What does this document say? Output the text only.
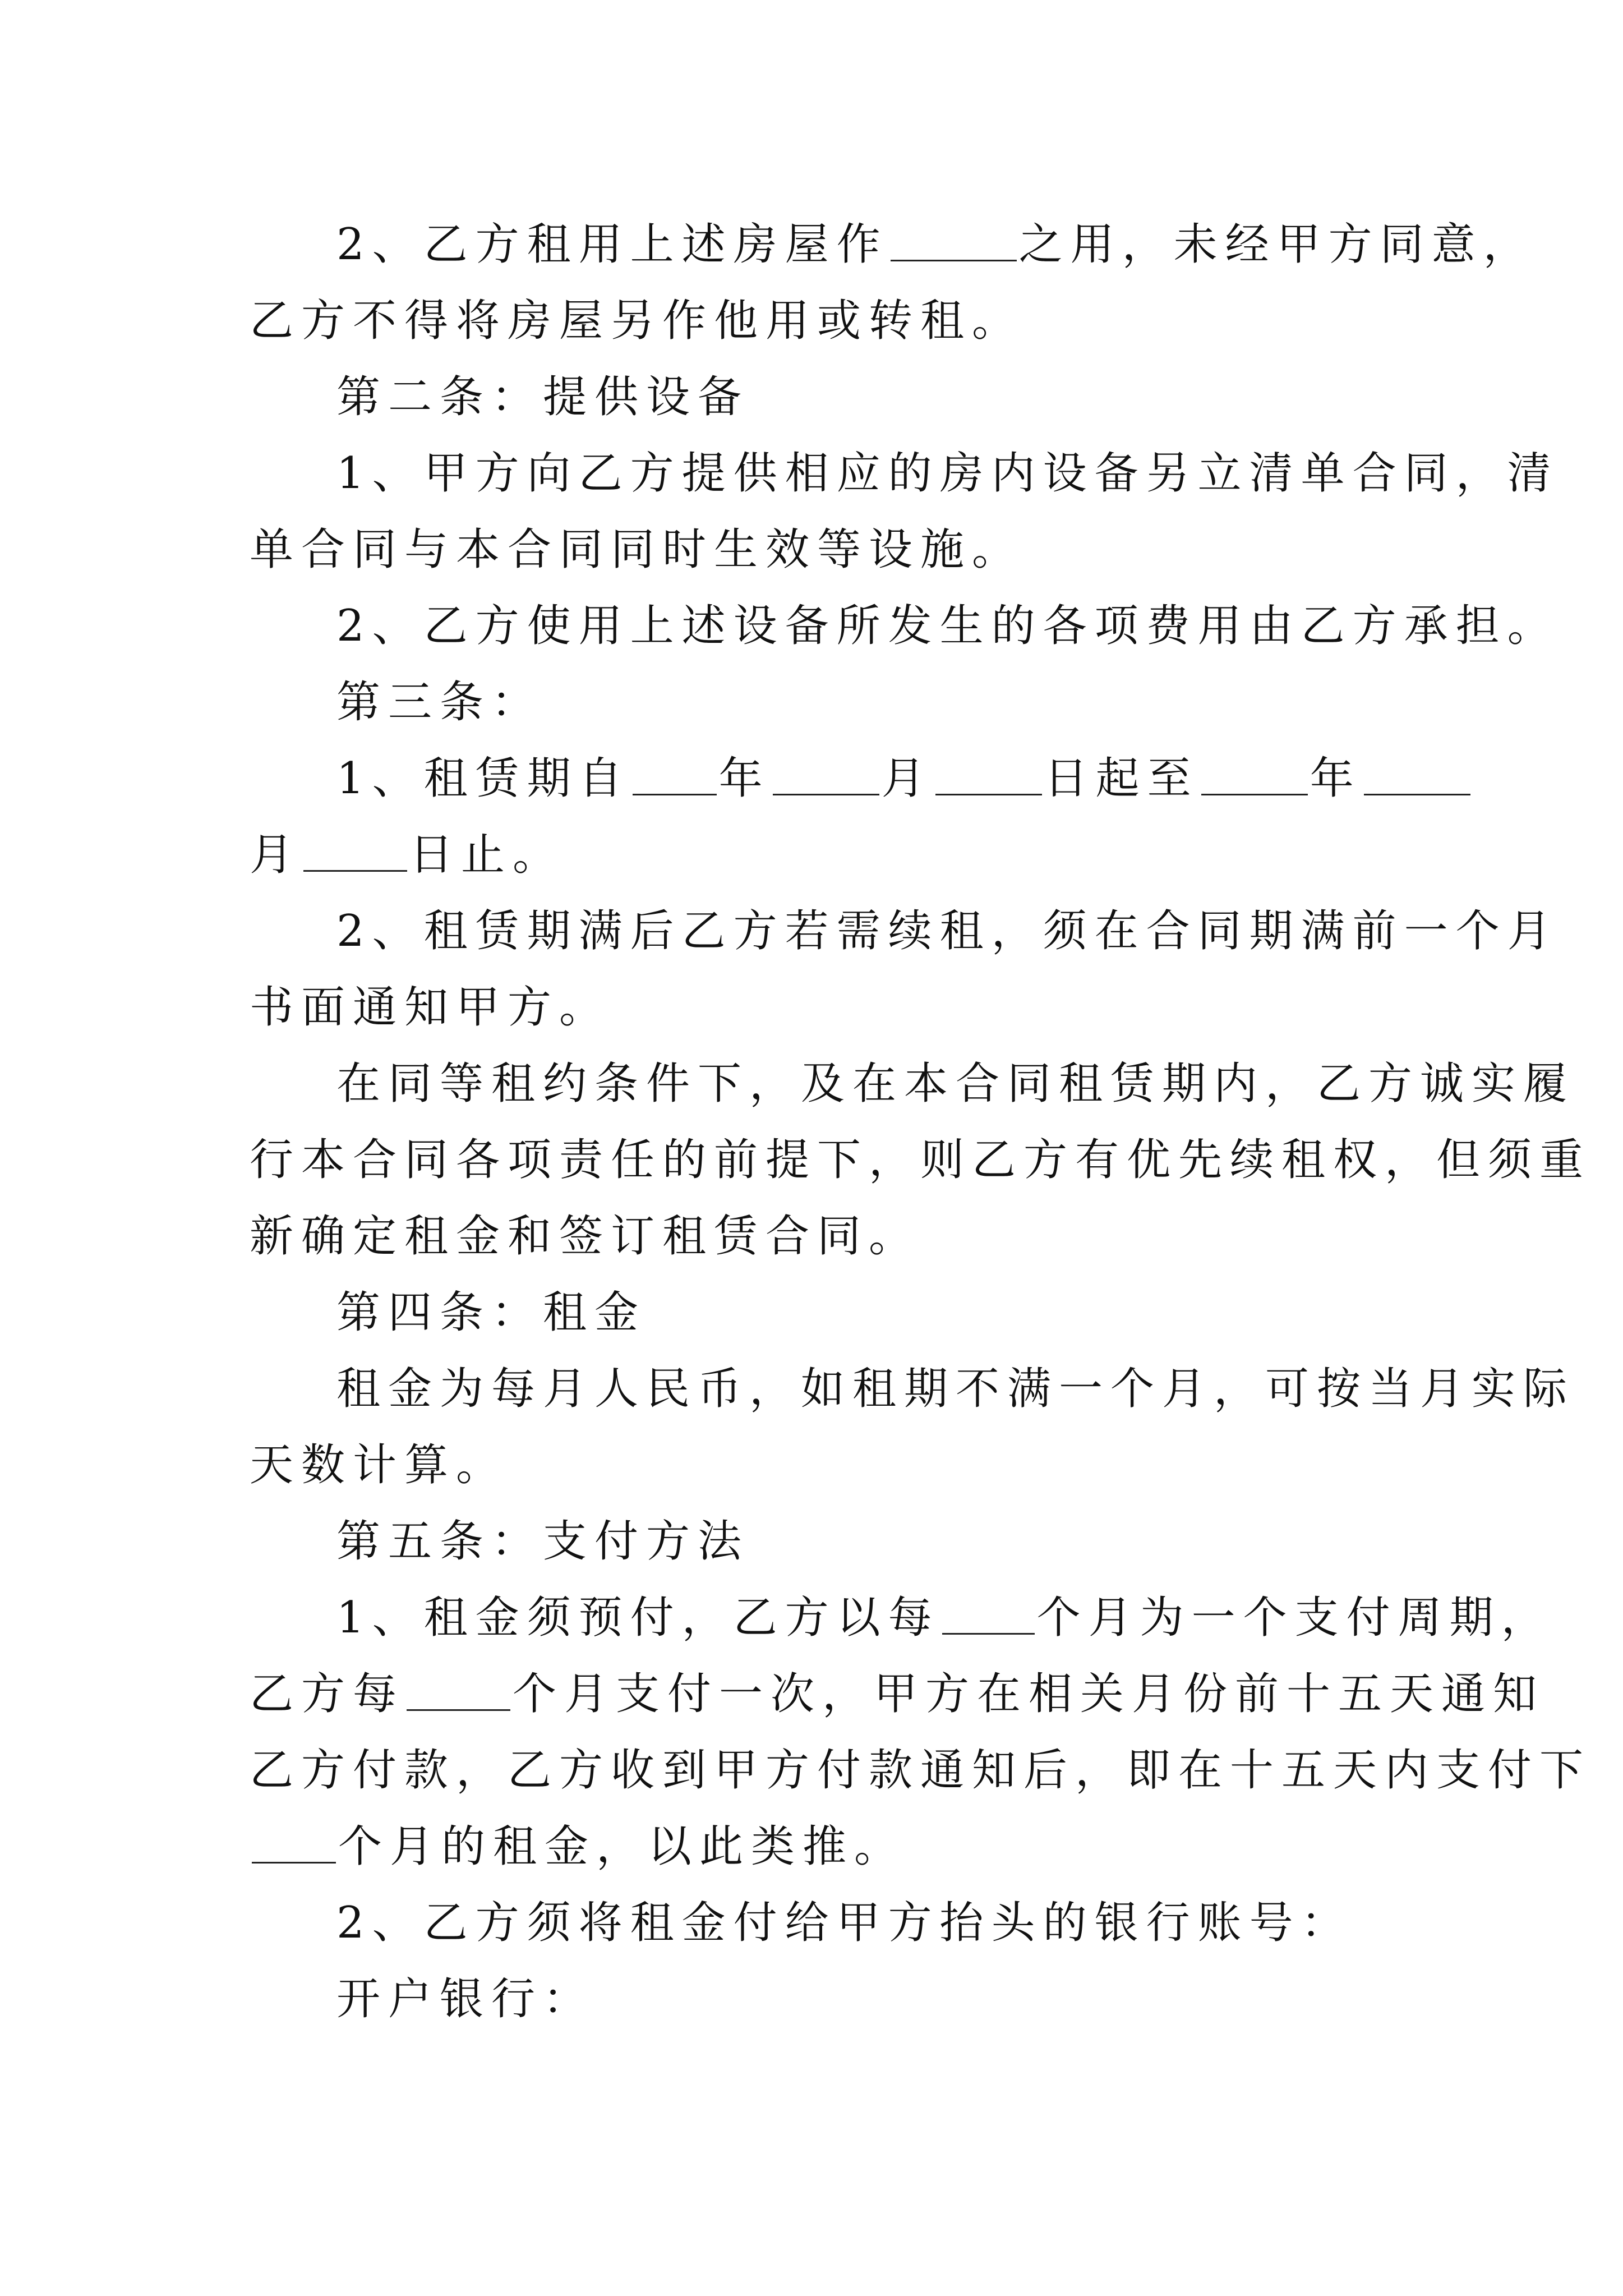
2、乙方租用上述房屋作	之用，未经甲方同意，
乙方不得将房屋另作他用或转租。
第二条：提供设备
1、甲方向乙方提供相应的房内设备另立清单合同，清
单合同与本合同同时生效等设施。
2、乙方使用上述设备所发生的各项费用由乙方承担。
第三条：
1、租赁期自 年	月	日起至	年
月 日止。
2、租赁期满后乙方若需续租，须在合同期满前一个月
书面通知甲方。
在同等租约条件下，及在本合同租赁期内，乙方诚实履
行本合同各项责任的前提下，则乙方有优先续租权，但须重
新确定租金和签订租赁合同。
第四条：租金
租金为每月人民币，如租期不满一个月，可按当月实际
天数计算。
第五条：支付方法
1、租金须预付，乙方以每 个月为一个支付周期，
乙方每 个月支付一次，甲方在相关月份前十五天通知
乙方付款，乙方收到甲方付款通知后，即在十五天内支付下
个月的租金，以此类推。
2、乙方须将租金付给甲方抬头的银行账号：
开户银行：
